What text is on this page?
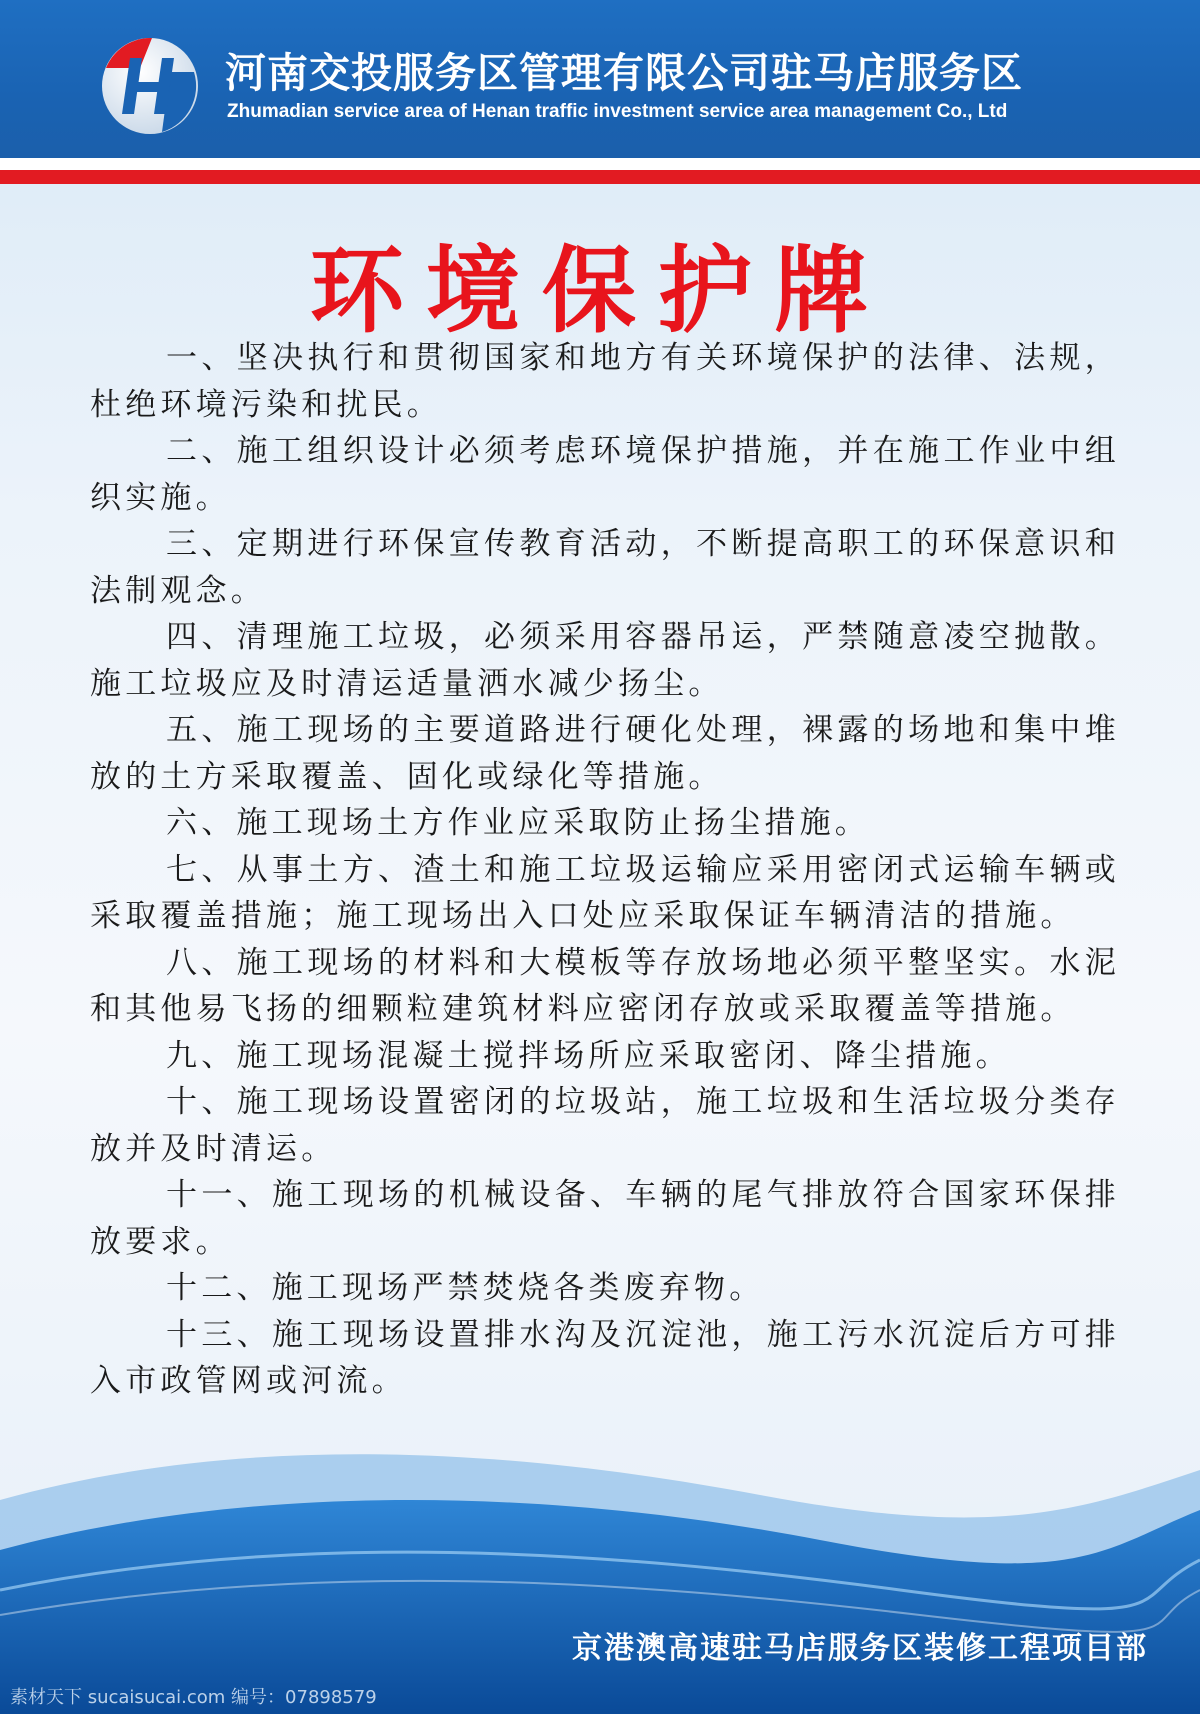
河南交投服务区管理有限公司驻马店服务区
Zhumadian service area of Henan traffic investment service area management Co., Ltd
环境保护牌

一、坚决执行和贯彻国家和地方有关环境保护的法律、法规，杜绝环境污染和扰民。

二、施工组织设计必须考虑环境保护措施，并在施工作业中组织实施。

三、定期进行环保宣传教育活动，不断提高职工的环保意识和法制观念。

四、清理施工垃圾，必须采用容器吊运，严禁随意凌空抛散。施工垃圾应及时清运适量洒水减少扬尘。

五、施工现场的主要道路进行硬化处理，裸露的场地和集中堆放的土方采取覆盖、固化或绿化等措施。

六、施工现场土方作业应采取防止扬尘措施。

七、从事土方、渣土和施工垃圾运输应采用密闭式运输车辆或采取覆盖措施；施工现场出入口处应采取保证车辆清洁的措施。

八、施工现场的材料和大模板等存放场地必须平整坚实。水泥和其他易飞扬的细颗粒建筑材料应密闭存放或采取覆盖等措施。

九、施工现场混凝土搅拌场所应采取密闭、降尘措施。

十、施工现场设置密闭的垃圾站，施工垃圾和生活垃圾分类存放并及时清运。

十一、施工现场的机械设备、车辆的尾气排放符合国家环保排放要求。

十二、施工现场严禁焚烧各类废弃物。

十三、施工现场设置排水沟及沉淀池，施工污水沉淀后方可排入市政管网或河流。

京港澳高速驻马店服务区装修工程项目部
素材天下 sucaisucai.com 编号：07898579
